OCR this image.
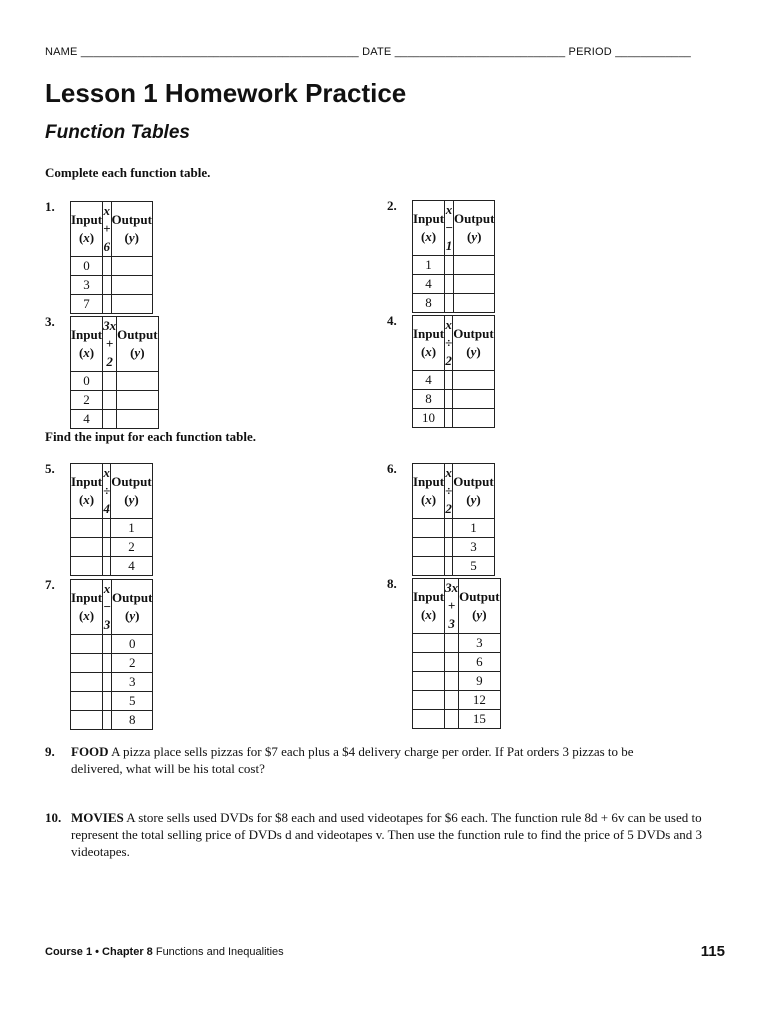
NAME ____________________________________________ DATE ___________________________ PERIOD ____________
Lesson 1 Homework Practice
Function Tables
Complete each function table.
Find the input for each function table.
1.
Input (x)	x + 6	Output (y)
0		
3		
7		
2.
Input (x)	x − 1	Output (y)
1		
4		
8		
3.
Input (x)	3x + 2	Output (y)
0		
2		
4		
4.
Input (x)	x ÷ 2	Output (y)
4		
8		
10		
5.
Input (x)	x ÷ 4	Output (y)
		1
		2
		4
6.
Input (x)	x ÷ 2	Output (y)
		1
		3
		5
7.
Input (x)	x − 3	Output (y)
		0
		2
		3
		5
		8
8.
Input (x)	3x + 3	Output (y)
		3
		6
		9
		12
		15
9. FOOD A pizza place sells pizzas for $7 each plus a $4 delivery charge per order. If Pat orders 3 pizzas to be delivered, what will be his total cost?
10. MOVIES A store sells used DVDs for $8 each and used videotapes for $6 each. The function rule 8d + 6v can be used to represent the total selling price of DVDs d and videotapes v. Then use the function rule to find the price of 5 DVDs and 3 videotapes.
Course 1 • Chapter 8 Functions and Inequalities	115
